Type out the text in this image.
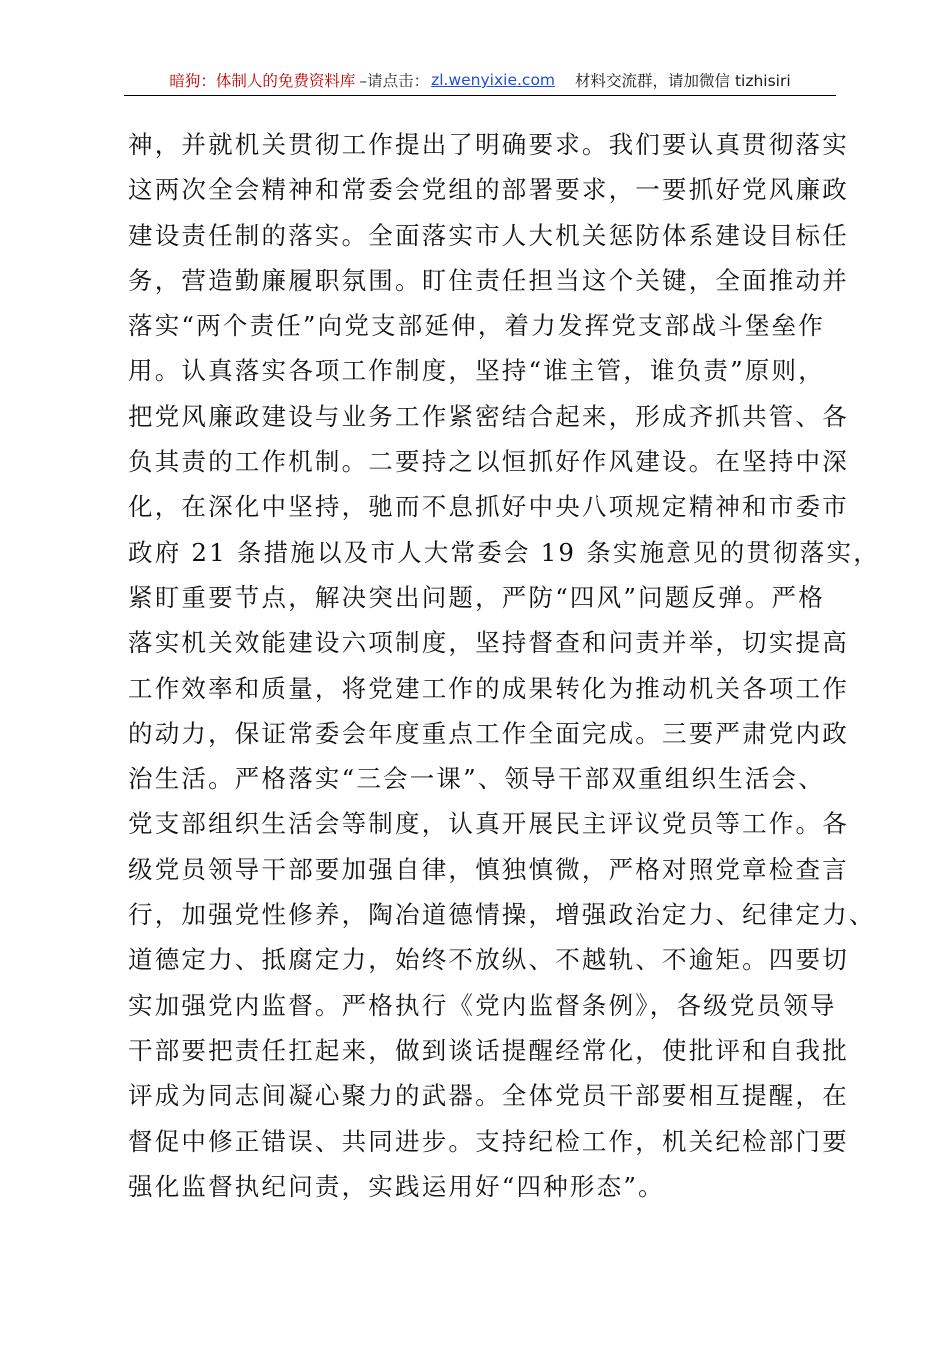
暗狗：体制人的免费资料库 –请点击： zl.wenyixie.com 材料交流群，请加微信 tizhisiri
神，并就机关贯彻工作提出了明确要求。我们要认真贯彻落实
这两次全会精神和常委会党组的部署要求，一要抓好党风廉政
建设责任制的落实。全面落实市人大机关惩防体系建设目标任
务，营造勤廉履职氛围。盯住责任担当这个关键，全面推动并
落实“两个责任”向党支部延伸，着力发挥党支部战斗堡垒作
用。认真落实各项工作制度，坚持“谁主管，谁负责”原则，
把党风廉政建设与业务工作紧密结合起来，形成齐抓共管、各
负其责的工作机制。二要持之以恒抓好作风建设。在坚持中深
化，在深化中坚持，驰而不息抓好中央八项规定精神和市委市
政府 21 条措施以及市人大常委会 19 条实施意见的贯彻落实，
紧盯重要节点，解决突出问题，严防“四风”问题反弹。严格
落实机关效能建设六项制度，坚持督查和问责并举，切实提高
工作效率和质量，将党建工作的成果转化为推动机关各项工作
的动力，保证常委会年度重点工作全面完成。三要严肃党内政
治生活。严格落实“三会一课”、领导干部双重组织生活会、
党支部组织生活会等制度，认真开展民主评议党员等工作。各
级党员领导干部要加强自律，慎独慎微，严格对照党章检查言
行，加强党性修养，陶冶道德情操，增强政治定力、纪律定力、
道德定力、抵腐定力，始终不放纵、不越轨、不逾矩。四要切
实加强党内监督。严格执行《党内监督条例》，各级党员领导
干部要把责任扛起来，做到谈话提醒经常化，使批评和自我批
评成为同志间凝心聚力的武器。全体党员干部要相互提醒，在
督促中修正错误、共同进步。支持纪检工作，机关纪检部门要
强化监督执纪问责，实践运用好“四种形态”。
